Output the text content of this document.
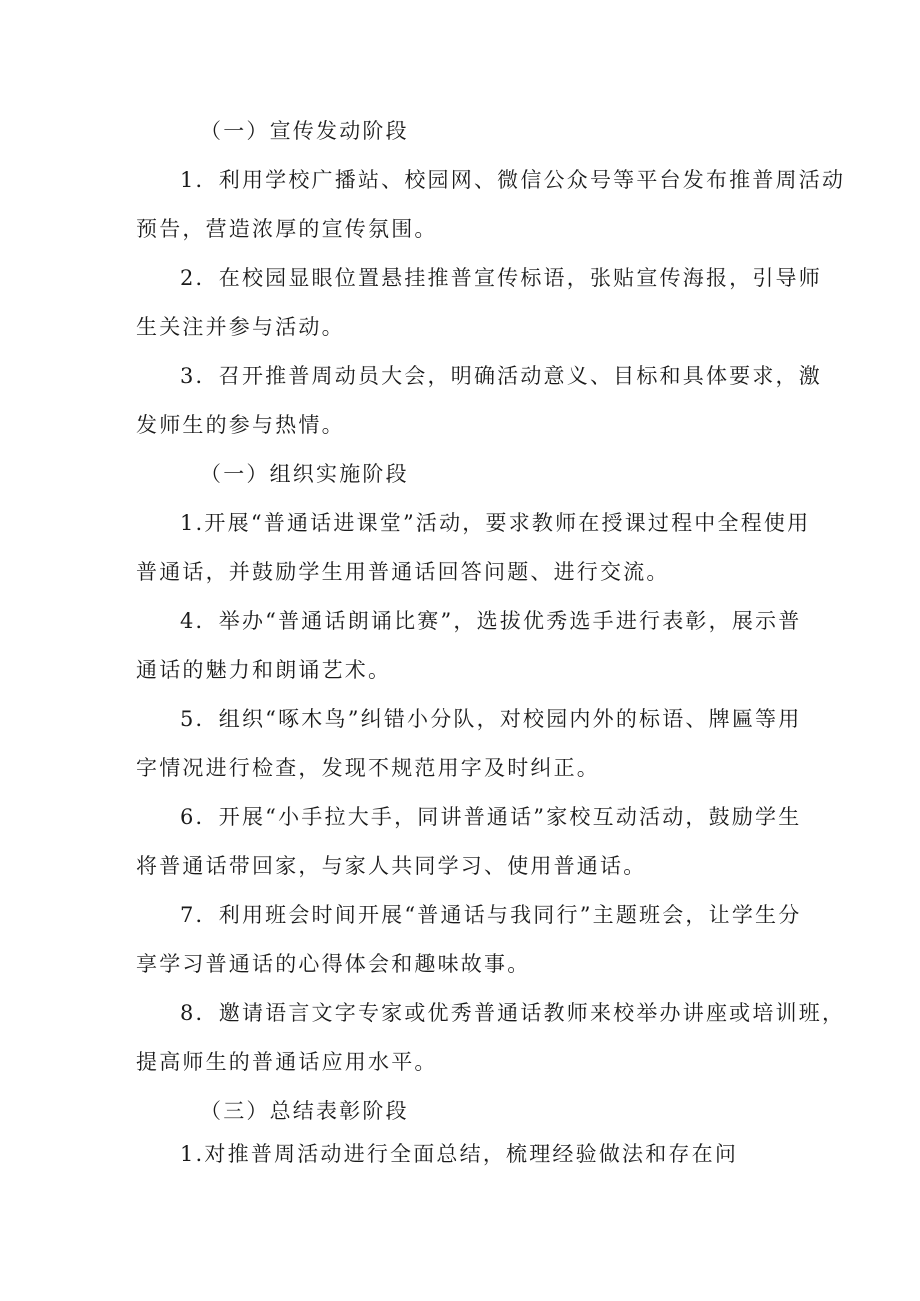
（一）宣传发动阶段
1．利用学校广播站、校园网、微信公众号等平台发布推普周活动
预告，营造浓厚的宣传氛围。
2．在校园显眼位置悬挂推普宣传标语，张贴宣传海报，引导师
生关注并参与活动。
3．召开推普周动员大会，明确活动意义、目标和具体要求，激
发师生的参与热情。
（一）组织实施阶段
1.开展“普通话进课堂”活动，要求教师在授课过程中全程使用
普通话，并鼓励学生用普通话回答问题、进行交流。
4．举办“普通话朗诵比赛”，选拔优秀选手进行表彰，展示普
通话的魅力和朗诵艺术。
5．组织“啄木鸟”纠错小分队，对校园内外的标语、牌匾等用
字情况进行检查，发现不规范用字及时纠正。
6．开展“小手拉大手，同讲普通话”家校互动活动，鼓励学生
将普通话带回家，与家人共同学习、使用普通话。
7．利用班会时间开展“普通话与我同行”主题班会，让学生分
享学习普通话的心得体会和趣味故事。
8．邀请语言文字专家或优秀普通话教师来校举办讲座或培训班，
提高师生的普通话应用水平。
（三）总结表彰阶段
1.对推普周活动进行全面总结，梳理经验做法和存在问
